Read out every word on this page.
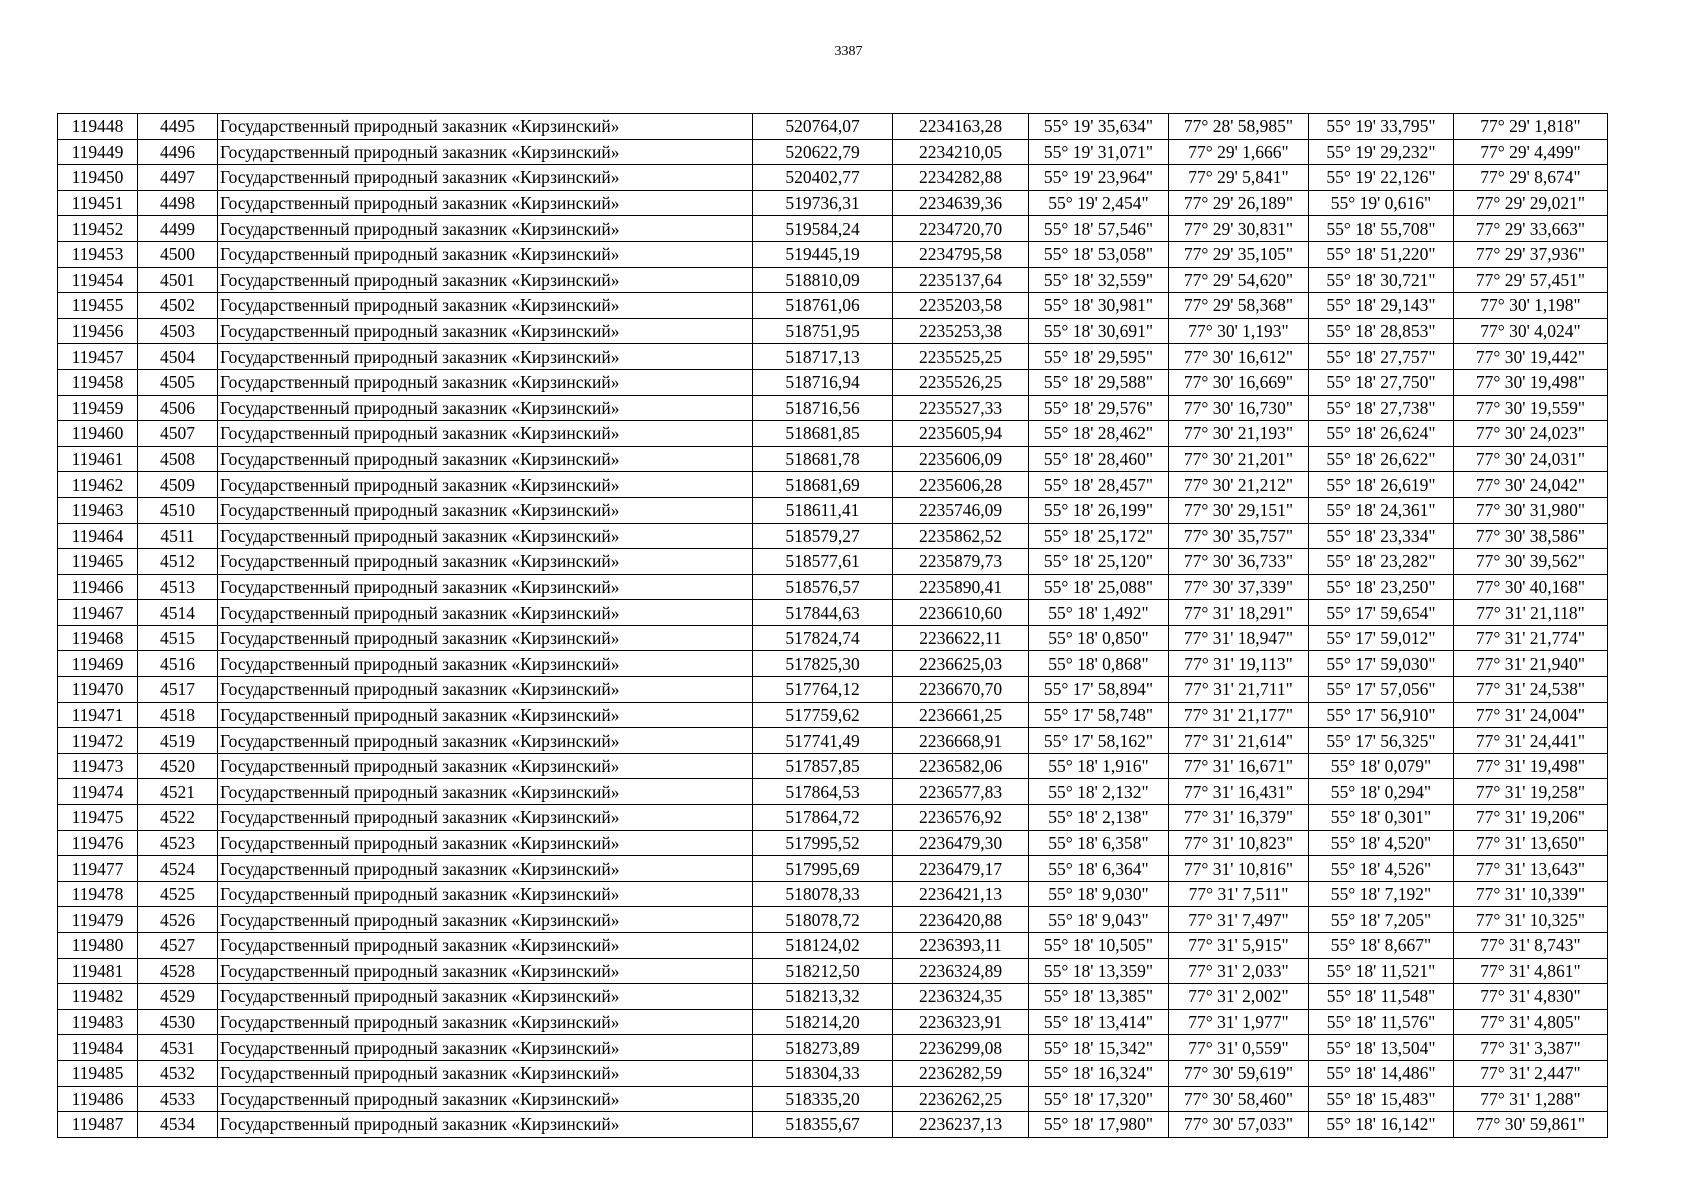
3387
119448	4495	Государственный природный заказник «Кирзинский»	520764,07	2234163,28	55° 19' 35,634"	77° 28' 58,985"	55° 19' 33,795"	77° 29' 1,818"
119449	4496	Государственный природный заказник «Кирзинский»	520622,79	2234210,05	55° 19' 31,071"	77° 29' 1,666"	55° 19' 29,232"	77° 29' 4,499"
119450	4497	Государственный природный заказник «Кирзинский»	520402,77	2234282,88	55° 19' 23,964"	77° 29' 5,841"	55° 19' 22,126"	77° 29' 8,674"
119451	4498	Государственный природный заказник «Кирзинский»	519736,31	2234639,36	55° 19' 2,454"	77° 29' 26,189"	55° 19' 0,616"	77° 29' 29,021"
119452	4499	Государственный природный заказник «Кирзинский»	519584,24	2234720,70	55° 18' 57,546"	77° 29' 30,831"	55° 18' 55,708"	77° 29' 33,663"
119453	4500	Государственный природный заказник «Кирзинский»	519445,19	2234795,58	55° 18' 53,058"	77° 29' 35,105"	55° 18' 51,220"	77° 29' 37,936"
119454	4501	Государственный природный заказник «Кирзинский»	518810,09	2235137,64	55° 18' 32,559"	77° 29' 54,620"	55° 18' 30,721"	77° 29' 57,451"
119455	4502	Государственный природный заказник «Кирзинский»	518761,06	2235203,58	55° 18' 30,981"	77° 29' 58,368"	55° 18' 29,143"	77° 30' 1,198"
119456	4503	Государственный природный заказник «Кирзинский»	518751,95	2235253,38	55° 18' 30,691"	77° 30' 1,193"	55° 18' 28,853"	77° 30' 4,024"
119457	4504	Государственный природный заказник «Кирзинский»	518717,13	2235525,25	55° 18' 29,595"	77° 30' 16,612"	55° 18' 27,757"	77° 30' 19,442"
119458	4505	Государственный природный заказник «Кирзинский»	518716,94	2235526,25	55° 18' 29,588"	77° 30' 16,669"	55° 18' 27,750"	77° 30' 19,498"
119459	4506	Государственный природный заказник «Кирзинский»	518716,56	2235527,33	55° 18' 29,576"	77° 30' 16,730"	55° 18' 27,738"	77° 30' 19,559"
119460	4507	Государственный природный заказник «Кирзинский»	518681,85	2235605,94	55° 18' 28,462"	77° 30' 21,193"	55° 18' 26,624"	77° 30' 24,023"
119461	4508	Государственный природный заказник «Кирзинский»	518681,78	2235606,09	55° 18' 28,460"	77° 30' 21,201"	55° 18' 26,622"	77° 30' 24,031"
119462	4509	Государственный природный заказник «Кирзинский»	518681,69	2235606,28	55° 18' 28,457"	77° 30' 21,212"	55° 18' 26,619"	77° 30' 24,042"
119463	4510	Государственный природный заказник «Кирзинский»	518611,41	2235746,09	55° 18' 26,199"	77° 30' 29,151"	55° 18' 24,361"	77° 30' 31,980"
119464	4511	Государственный природный заказник «Кирзинский»	518579,27	2235862,52	55° 18' 25,172"	77° 30' 35,757"	55° 18' 23,334"	77° 30' 38,586"
119465	4512	Государственный природный заказник «Кирзинский»	518577,61	2235879,73	55° 18' 25,120"	77° 30' 36,733"	55° 18' 23,282"	77° 30' 39,562"
119466	4513	Государственный природный заказник «Кирзинский»	518576,57	2235890,41	55° 18' 25,088"	77° 30' 37,339"	55° 18' 23,250"	77° 30' 40,168"
119467	4514	Государственный природный заказник «Кирзинский»	517844,63	2236610,60	55° 18' 1,492"	77° 31' 18,291"	55° 17' 59,654"	77° 31' 21,118"
119468	4515	Государственный природный заказник «Кирзинский»	517824,74	2236622,11	55° 18' 0,850"	77° 31' 18,947"	55° 17' 59,012"	77° 31' 21,774"
119469	4516	Государственный природный заказник «Кирзинский»	517825,30	2236625,03	55° 18' 0,868"	77° 31' 19,113"	55° 17' 59,030"	77° 31' 21,940"
119470	4517	Государственный природный заказник «Кирзинский»	517764,12	2236670,70	55° 17' 58,894"	77° 31' 21,711"	55° 17' 57,056"	77° 31' 24,538"
119471	4518	Государственный природный заказник «Кирзинский»	517759,62	2236661,25	55° 17' 58,748"	77° 31' 21,177"	55° 17' 56,910"	77° 31' 24,004"
119472	4519	Государственный природный заказник «Кирзинский»	517741,49	2236668,91	55° 17' 58,162"	77° 31' 21,614"	55° 17' 56,325"	77° 31' 24,441"
119473	4520	Государственный природный заказник «Кирзинский»	517857,85	2236582,06	55° 18' 1,916"	77° 31' 16,671"	55° 18' 0,079"	77° 31' 19,498"
119474	4521	Государственный природный заказник «Кирзинский»	517864,53	2236577,83	55° 18' 2,132"	77° 31' 16,431"	55° 18' 0,294"	77° 31' 19,258"
119475	4522	Государственный природный заказник «Кирзинский»	517864,72	2236576,92	55° 18' 2,138"	77° 31' 16,379"	55° 18' 0,301"	77° 31' 19,206"
119476	4523	Государственный природный заказник «Кирзинский»	517995,52	2236479,30	55° 18' 6,358"	77° 31' 10,823"	55° 18' 4,520"	77° 31' 13,650"
119477	4524	Государственный природный заказник «Кирзинский»	517995,69	2236479,17	55° 18' 6,364"	77° 31' 10,816"	55° 18' 4,526"	77° 31' 13,643"
119478	4525	Государственный природный заказник «Кирзинский»	518078,33	2236421,13	55° 18' 9,030"	77° 31' 7,511"	55° 18' 7,192"	77° 31' 10,339"
119479	4526	Государственный природный заказник «Кирзинский»	518078,72	2236420,88	55° 18' 9,043"	77° 31' 7,497"	55° 18' 7,205"	77° 31' 10,325"
119480	4527	Государственный природный заказник «Кирзинский»	518124,02	2236393,11	55° 18' 10,505"	77° 31' 5,915"	55° 18' 8,667"	77° 31' 8,743"
119481	4528	Государственный природный заказник «Кирзинский»	518212,50	2236324,89	55° 18' 13,359"	77° 31' 2,033"	55° 18' 11,521"	77° 31' 4,861"
119482	4529	Государственный природный заказник «Кирзинский»	518213,32	2236324,35	55° 18' 13,385"	77° 31' 2,002"	55° 18' 11,548"	77° 31' 4,830"
119483	4530	Государственный природный заказник «Кирзинский»	518214,20	2236323,91	55° 18' 13,414"	77° 31' 1,977"	55° 18' 11,576"	77° 31' 4,805"
119484	4531	Государственный природный заказник «Кирзинский»	518273,89	2236299,08	55° 18' 15,342"	77° 31' 0,559"	55° 18' 13,504"	77° 31' 3,387"
119485	4532	Государственный природный заказник «Кирзинский»	518304,33	2236282,59	55° 18' 16,324"	77° 30' 59,619"	55° 18' 14,486"	77° 31' 2,447"
119486	4533	Государственный природный заказник «Кирзинский»	518335,20	2236262,25	55° 18' 17,320"	77° 30' 58,460"	55° 18' 15,483"	77° 31' 1,288"
119487	4534	Государственный природный заказник «Кирзинский»	518355,67	2236237,13	55° 18' 17,980"	77° 30' 57,033"	55° 18' 16,142"	77° 30' 59,861"
